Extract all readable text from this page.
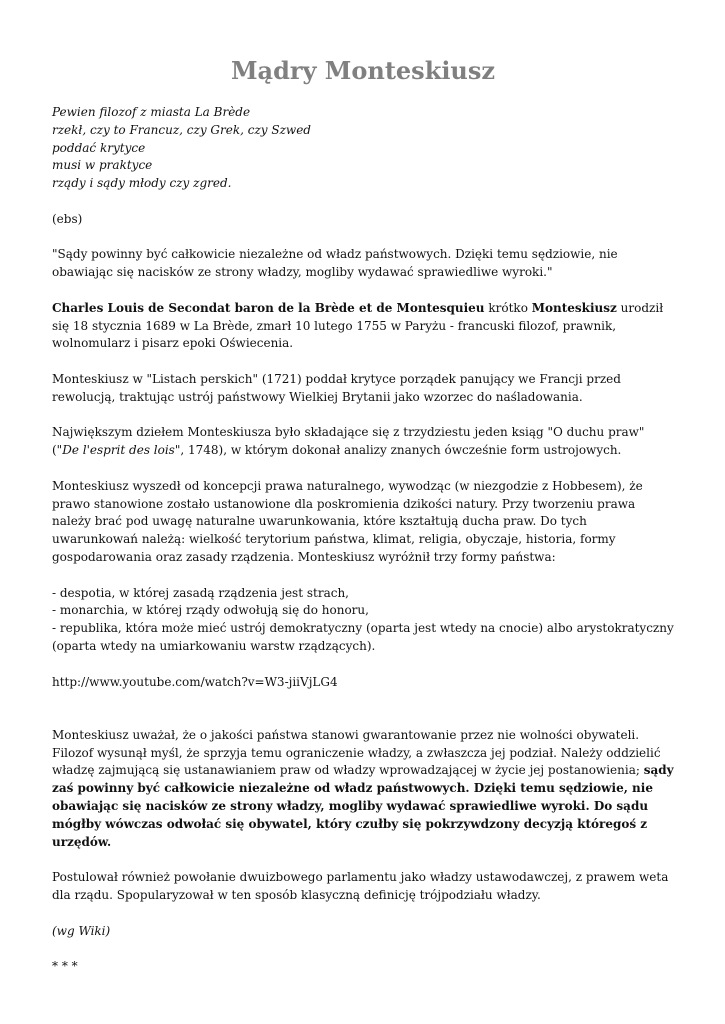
Mądry Monteskiusz
Pewien filozof z miasta La Brède
rzekł, czy to Francuz, czy Grek, czy Szwed
poddać krytyce
musi w praktyce
rządy i sądy młody czy zgred.

(ebs)

"Sądy powinny być całkowicie niezależne od władz państwowych. Dzięki temu sędziowie, nie obawiając się nacisków ze strony władzy, mogliby wydawać sprawiedliwe wyroki."

Charles Louis de Secondat baron de la Brède et de Montesquieu krótko Monteskiusz urodził się 18 stycznia 1689 w La Brède, zmarł 10 lutego 1755 w Paryżu - francuski filozof, prawnik, wolnomularz i pisarz epoki Oświecenia.

Monteskiusz w "Listach perskich" (1721) poddał krytyce porządek panujący we Francji przed rewolucją, traktując ustrój państwowy Wielkiej Brytanii jako wzorzec do naśladowania.

Największym dziełem Monteskiusza było składające się z trzydziestu jeden ksiąg "O duchu praw" ("De l'esprit des lois", 1748), w którym dokonał analizy znanych ówcześnie form ustrojowych.

Monteskiusz wyszedł od koncepcji prawa naturalnego, wywodząc (w niezgodzie z Hobbesem), że prawo stanowione zostało ustanowione dla poskromienia dzikości natury. Przy tworzeniu prawa należy brać pod uwagę naturalne uwarunkowania, które kształtują ducha praw. Do tych uwarunkowań należą: wielkość terytorium państwa, klimat, religia, obyczaje, historia, formy gospodarowania oraz zasady rządzenia. Monteskiusz wyróżnił trzy formy państwa:

- despotia, w której zasadą rządzenia jest strach,

- monarchia, w której rządy odwołują się do honoru,

- republika, która może mieć ustrój demokratyczny (oparta jest wtedy na cnocie) albo arystokratyczny (oparta wtedy na umiarkowaniu warstw rządzących).

http://www.youtube.com/watch?v=W3-jiiVjLG4

Monteskiusz uważał, że o jakości państwa stanowi gwarantowanie przez nie wolności obywateli. Filozof wysunął myśl, że sprzyja temu ograniczenie władzy, a zwłaszcza jej podział. Należy oddzielić władzę zajmującą się ustanawianiem praw od władzy wprowadzającej w życie jej postanowienia; sądy zaś powinny być całkowicie niezależne od władz państwowych. Dzięki temu sędziowie, nie obawiając się nacisków ze strony władzy, mogliby wydawać sprawiedliwe wyroki. Do sądu mógłby wówczas odwołać się obywatel, który czułby się pokrzywdzony decyzją któregoś z urzędów.

Postulował również powołanie dwuizbowego parlamentu jako władzy ustawodawczej, z prawem weta dla rządu. Spopularyzował w ten sposób klasyczną definicję trójpodziału władzy.

(wg Wiki)

* * *
